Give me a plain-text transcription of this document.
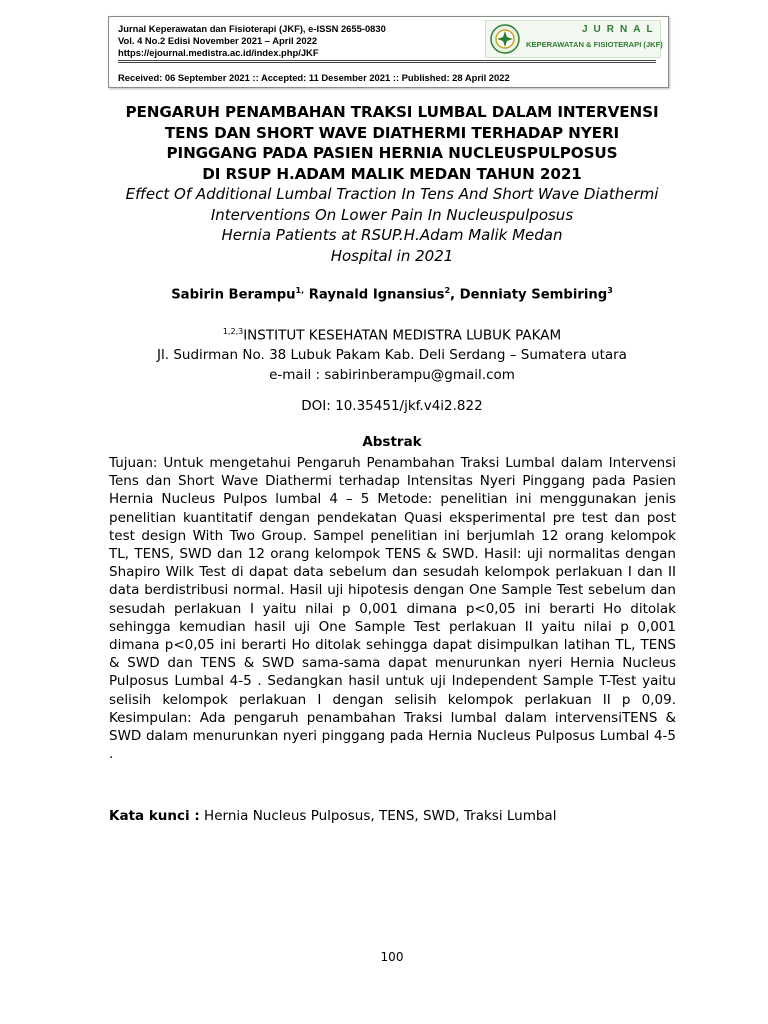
Jurnal Keperawatan dan Fisioterapi (JKF), e-ISSN 2655-0830
Vol. 4 No.2 Edisi November 2021 – April 2022
https://ejournal.medistra.ac.id/index.php/JKF
Received: 06 September 2021 :: Accepted: 11 Desember 2021 :: Published: 28 April 2022
JURNAL
KEPERAWATAN & FISIOTERAPI (JKF)
PENGARUH PENAMBAHAN TRAKSI LUMBAL DALAM INTERVENSI
TENS DAN SHORT WAVE DIATHERMI TERHADAP NYERI
PINGGANG PADA PASIEN HERNIA NUCLEUSPULPOSUS
DI RSUP H.ADAM MALIK MEDAN TAHUN 2021
Effect Of Additional Lumbal Traction In Tens And Short Wave Diathermi
Interventions On Lower Pain In Nucleuspulposus
Hernia Patients at RSUP.H.Adam Malik Medan
Hospital in 2021
Sabirin Berampu$^{1,}$ Raynald Ignansius$^2$, Denniaty Sembiring$^3$
$^{1,2,3}$INSTITUT KESEHATAN MEDISTRA LUBUK PAKAM
Jl. Sudirman No. 38 Lubuk Pakam Kab. Deli Serdang – Sumatera utara
e-mail : sabirinberampu@gmail.com
DOI: 10.35451/jkf.v4i2.822
Abstrak
Tujuan: Untuk mengetahui Pengaruh Penambahan Traksi Lumbal dalam Intervensi Tens dan Short Wave Diathermi terhadap Intensitas Nyeri Pinggang pada Pasien Hernia Nucleus Pulpos lumbal 4 – 5 Metode: penelitian ini menggunakan jenis penelitian kuantitatif dengan pendekatan Quasi eksperimental pre test dan post test design With Two Group. Sampel penelitian ini berjumlah 12 orang kelompok TL, TENS, SWD dan 12 orang kelompok TENS & SWD. Hasil: uji normalitas dengan Shapiro Wilk Test di dapat data sebelum dan sesudah kelompok perlakuan I dan II data berdistribusi normal. Hasil uji hipotesis dengan One Sample Test sebelum dan sesudah perlakuan I yaitu nilai p 0,001 dimana p<0,05 ini berarti Ho ditolak sehingga kemudian hasil uji One Sample Test perlakuan II yaitu nilai p 0,001 dimana p<0,05 ini berarti Ho ditolak sehingga dapat disimpulkan latihan TL, TENS & SWD dan TENS & SWD sama-sama dapat menurunkan nyeri Hernia Nucleus Pulposus Lumbal 4-5 . Sedangkan hasil untuk uji Independent Sample T-Test yaitu selisih kelompok perlakuan I dengan selisih kelompok perlakuan II p 0,09. Kesimpulan: Ada pengaruh penambahan Traksi lumbal dalam intervensiTENS & SWD dalam menurunkan nyeri pinggang pada Hernia Nucleus Pulposus Lumbal 4-5 .
Kata kunci : Hernia Nucleus Pulposus, TENS, SWD, Traksi Lumbal
100
